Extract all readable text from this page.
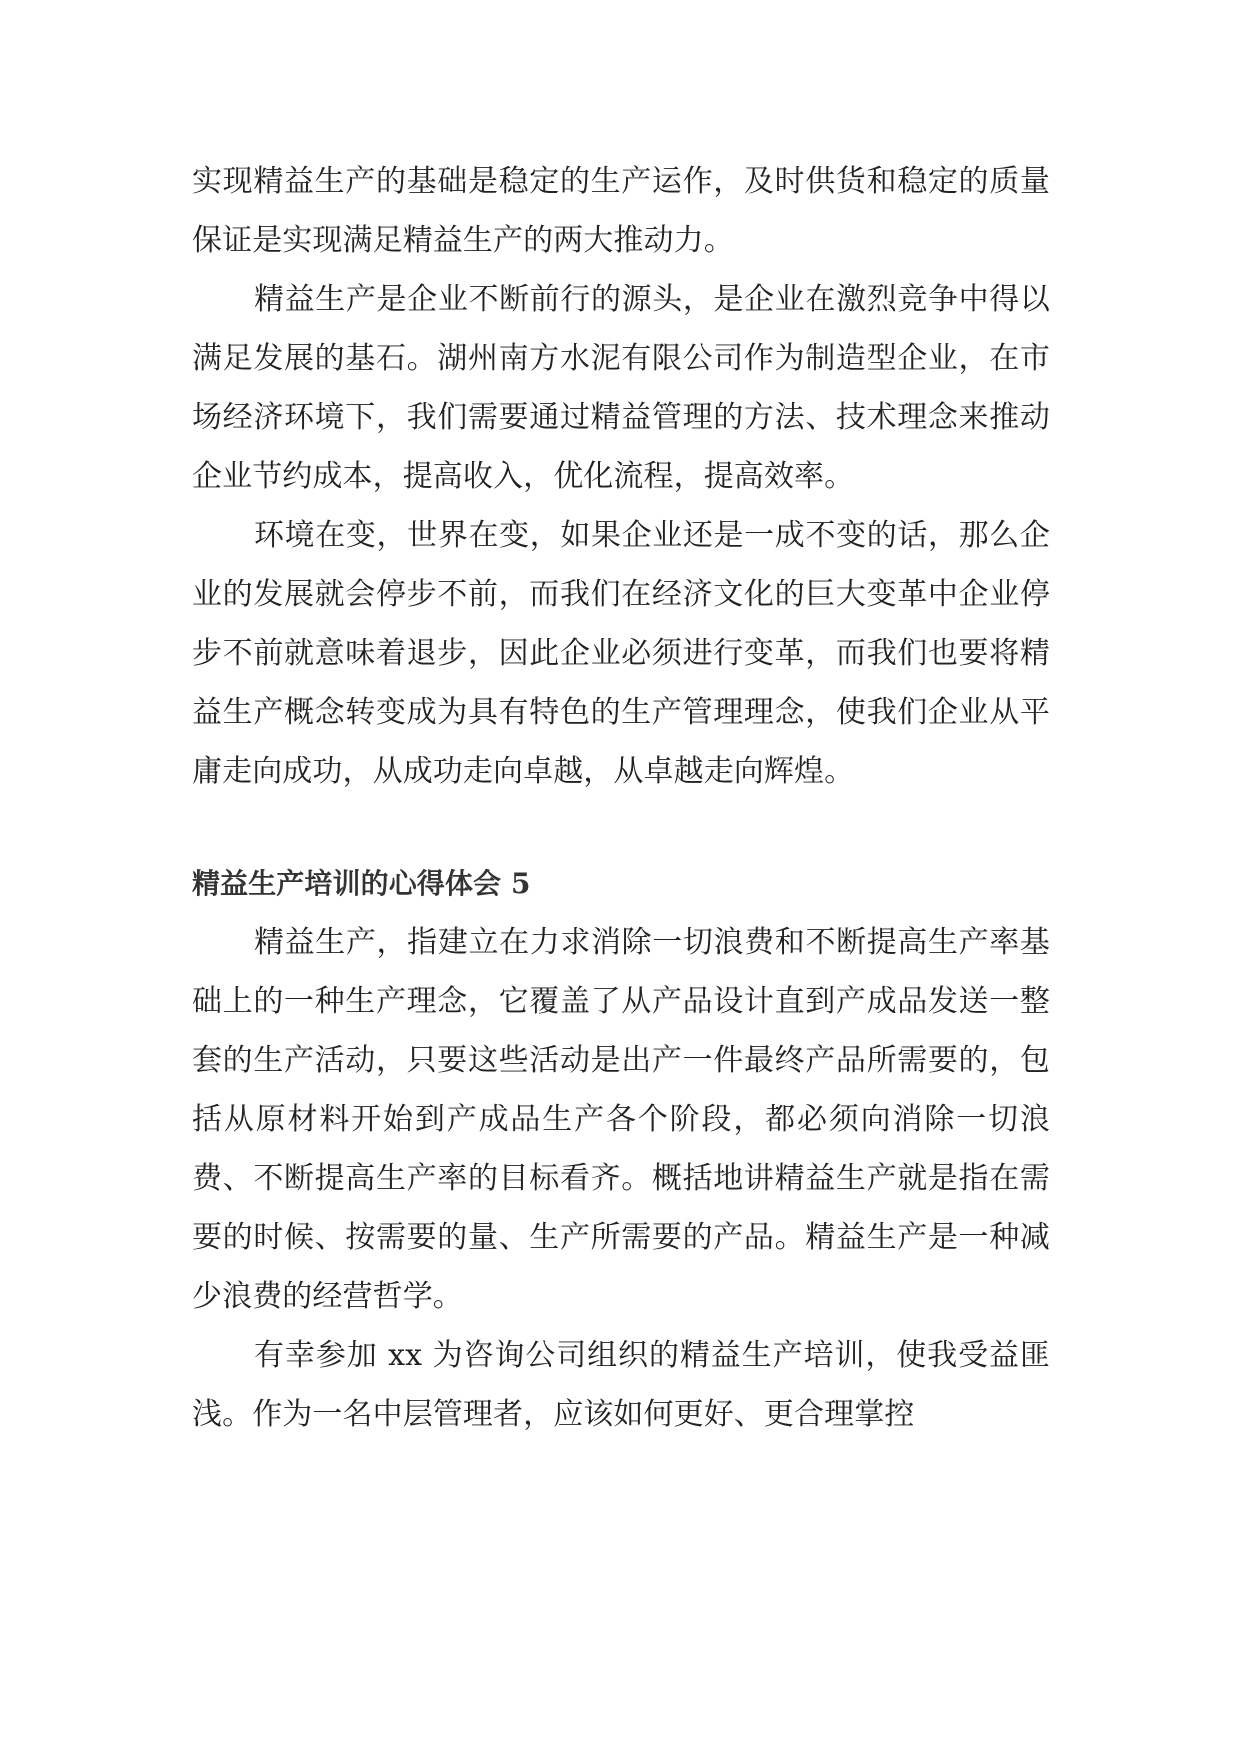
实现精益生产的基础是稳定的生产运作，及时供货和稳定的质量保证是实现满足精益生产的两大推动力。

精益生产是企业不断前行的源头，是企业在激烈竞争中得以满足发展的基石。湖州南方水泥有限公司作为制造型企业，在市场经济环境下，我们需要通过精益管理的方法、技术理念来推动企业节约成本，提高收入，优化流程，提高效率。

环境在变，世界在变，如果企业还是一成不变的话，那么企业的发展就会停步不前，而我们在经济文化的巨大变革中企业停步不前就意味着退步，因此企业必须进行变革，而我们也要将精益生产概念转变成为具有特色的生产管理理念，使我们企业从平庸走向成功，从成功走向卓越，从卓越走向辉煌。

精益生产培训的心得体会 5

精益生产，指建立在力求消除一切浪费和不断提高生产率基础上的一种生产理念，它覆盖了从产品设计直到产成品发送一整套的生产活动，只要这些活动是出产一件最终产品所需要的，包括从原材料开始到产成品生产各个阶段，都必须向消除一切浪费、不断提高生产率的目标看齐。概括地讲精益生产就是指在需要的时候、按需要的量、生产所需要的产品。精益生产是一种减少浪费的经营哲学。

有幸参加 xx 为咨询公司组织的精益生产培训，使我受益匪浅。作为一名中层管理者，应该如何更好、更合理掌控
